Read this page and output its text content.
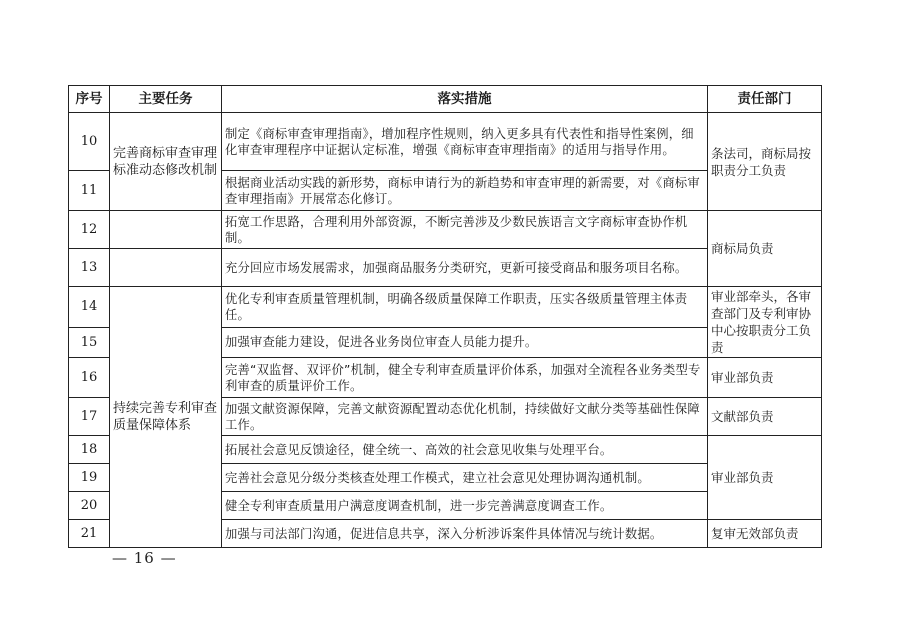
序号	主要任务	落实措施	责任部门
10	完善商标审查审理标准动态修改机制	制定《商标审查审理指南》，增加程序性规则，纳入更多具有代表性和指导性案例，细化审查审理程序中证据认定标准，增强《商标审查审理指南》的适用与指导作用。	条法司，商标局按职责分工负责
11		根据商业活动实践的新形势，商标申请行为的新趋势和审查审理的新需要，对《商标审查审理指南》开展常态化修订。	
12		拓宽工作思路，合理利用外部资源，不断完善涉及少数民族语言文字商标审查协作机制。	商标局负责
13		充分回应市场发展需求，加强商品服务分类研究，更新可接受商品和服务项目名称。	
14	持续完善专利审查质量保障体系	优化专利审查质量管理机制，明确各级质量保障工作职责，压实各级质量管理主体责任。	审业部牵头，各审查部门及专利审协中心按职责分工负责
15		加强审查能力建设，促进各业务岗位审查人员能力提升。	
16		完善“双监督、双评价”机制，健全专利审查质量评价体系，加强对全流程各业务类型专利审查的质量评价工作。	审业部负责
17		加强文献资源保障，完善文献资源配置动态优化机制，持续做好文献分类等基础性保障工作。	文献部负责
18		拓展社会意见反馈途径，健全统一、高效的社会意见收集与处理平台。	审业部负责
19		完善社会意见分级分类核查处理工作模式，建立社会意见处理协调沟通机制。	
20		健全专利审查质量用户满意度调查机制，进一步完善满意度调查工作。	
21		加强与司法部门沟通，促进信息共享，深入分析涉诉案件具体情况与统计数据。	复审无效部负责
— 16 —
